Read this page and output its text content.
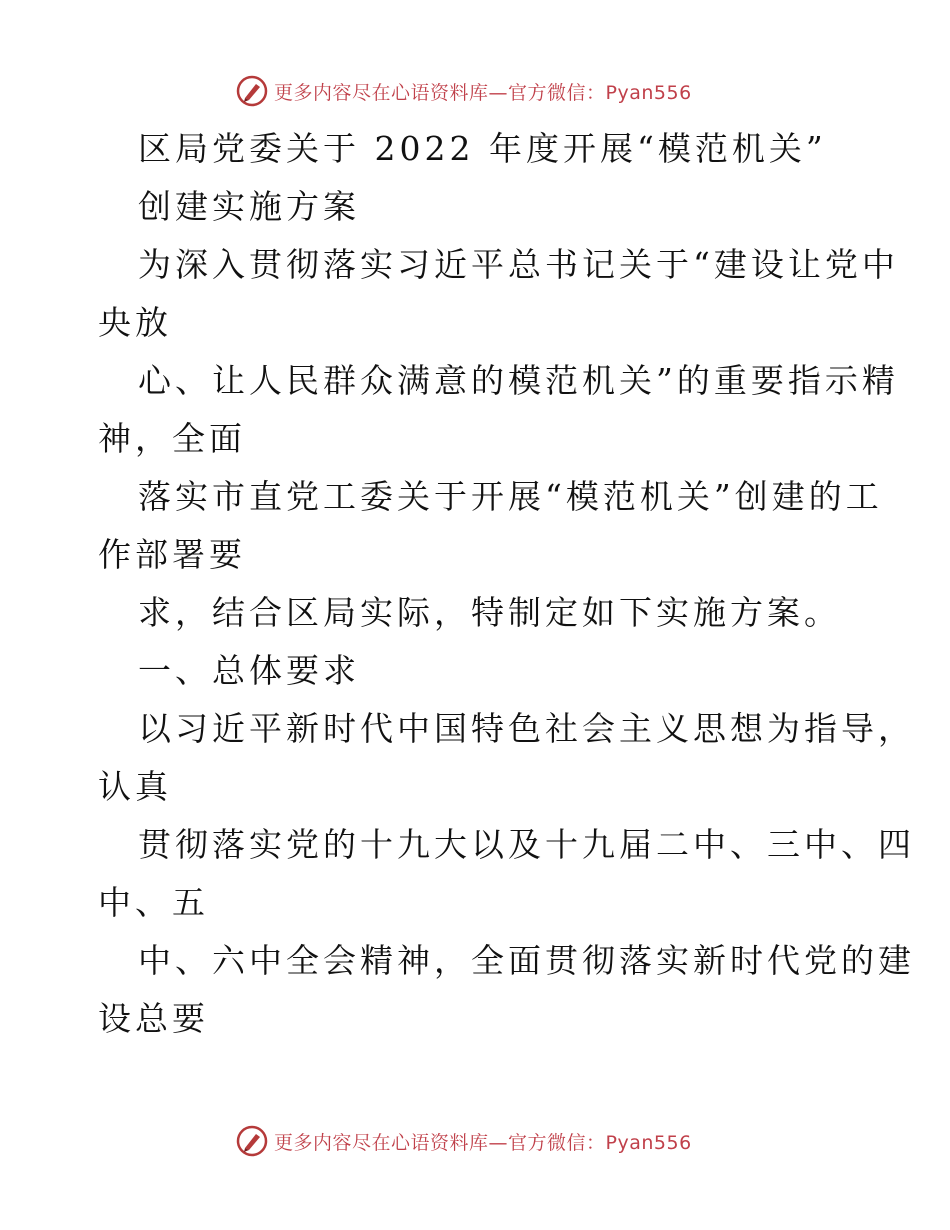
更多内容尽在心语资料库—官方微信：Pyan556
区局党委关于 2022 年度开展“模范机关”
创建实施方案
为深入贯彻落实习近平总书记关于“建设让党中
央放
心、让人民群众满意的模范机关”的重要指示精
神，全面
落实市直党工委关于开展“模范机关”创建的工
作部署要
求，结合区局实际，特制定如下实施方案。
一、总体要求
以习近平新时代中国特色社会主义思想为指导，
认真
贯彻落实党的十九大以及十九届二中、三中、四
中、五
中、六中全会精神，全面贯彻落实新时代党的建
设总要
更多内容尽在心语资料库—官方微信：Pyan556
